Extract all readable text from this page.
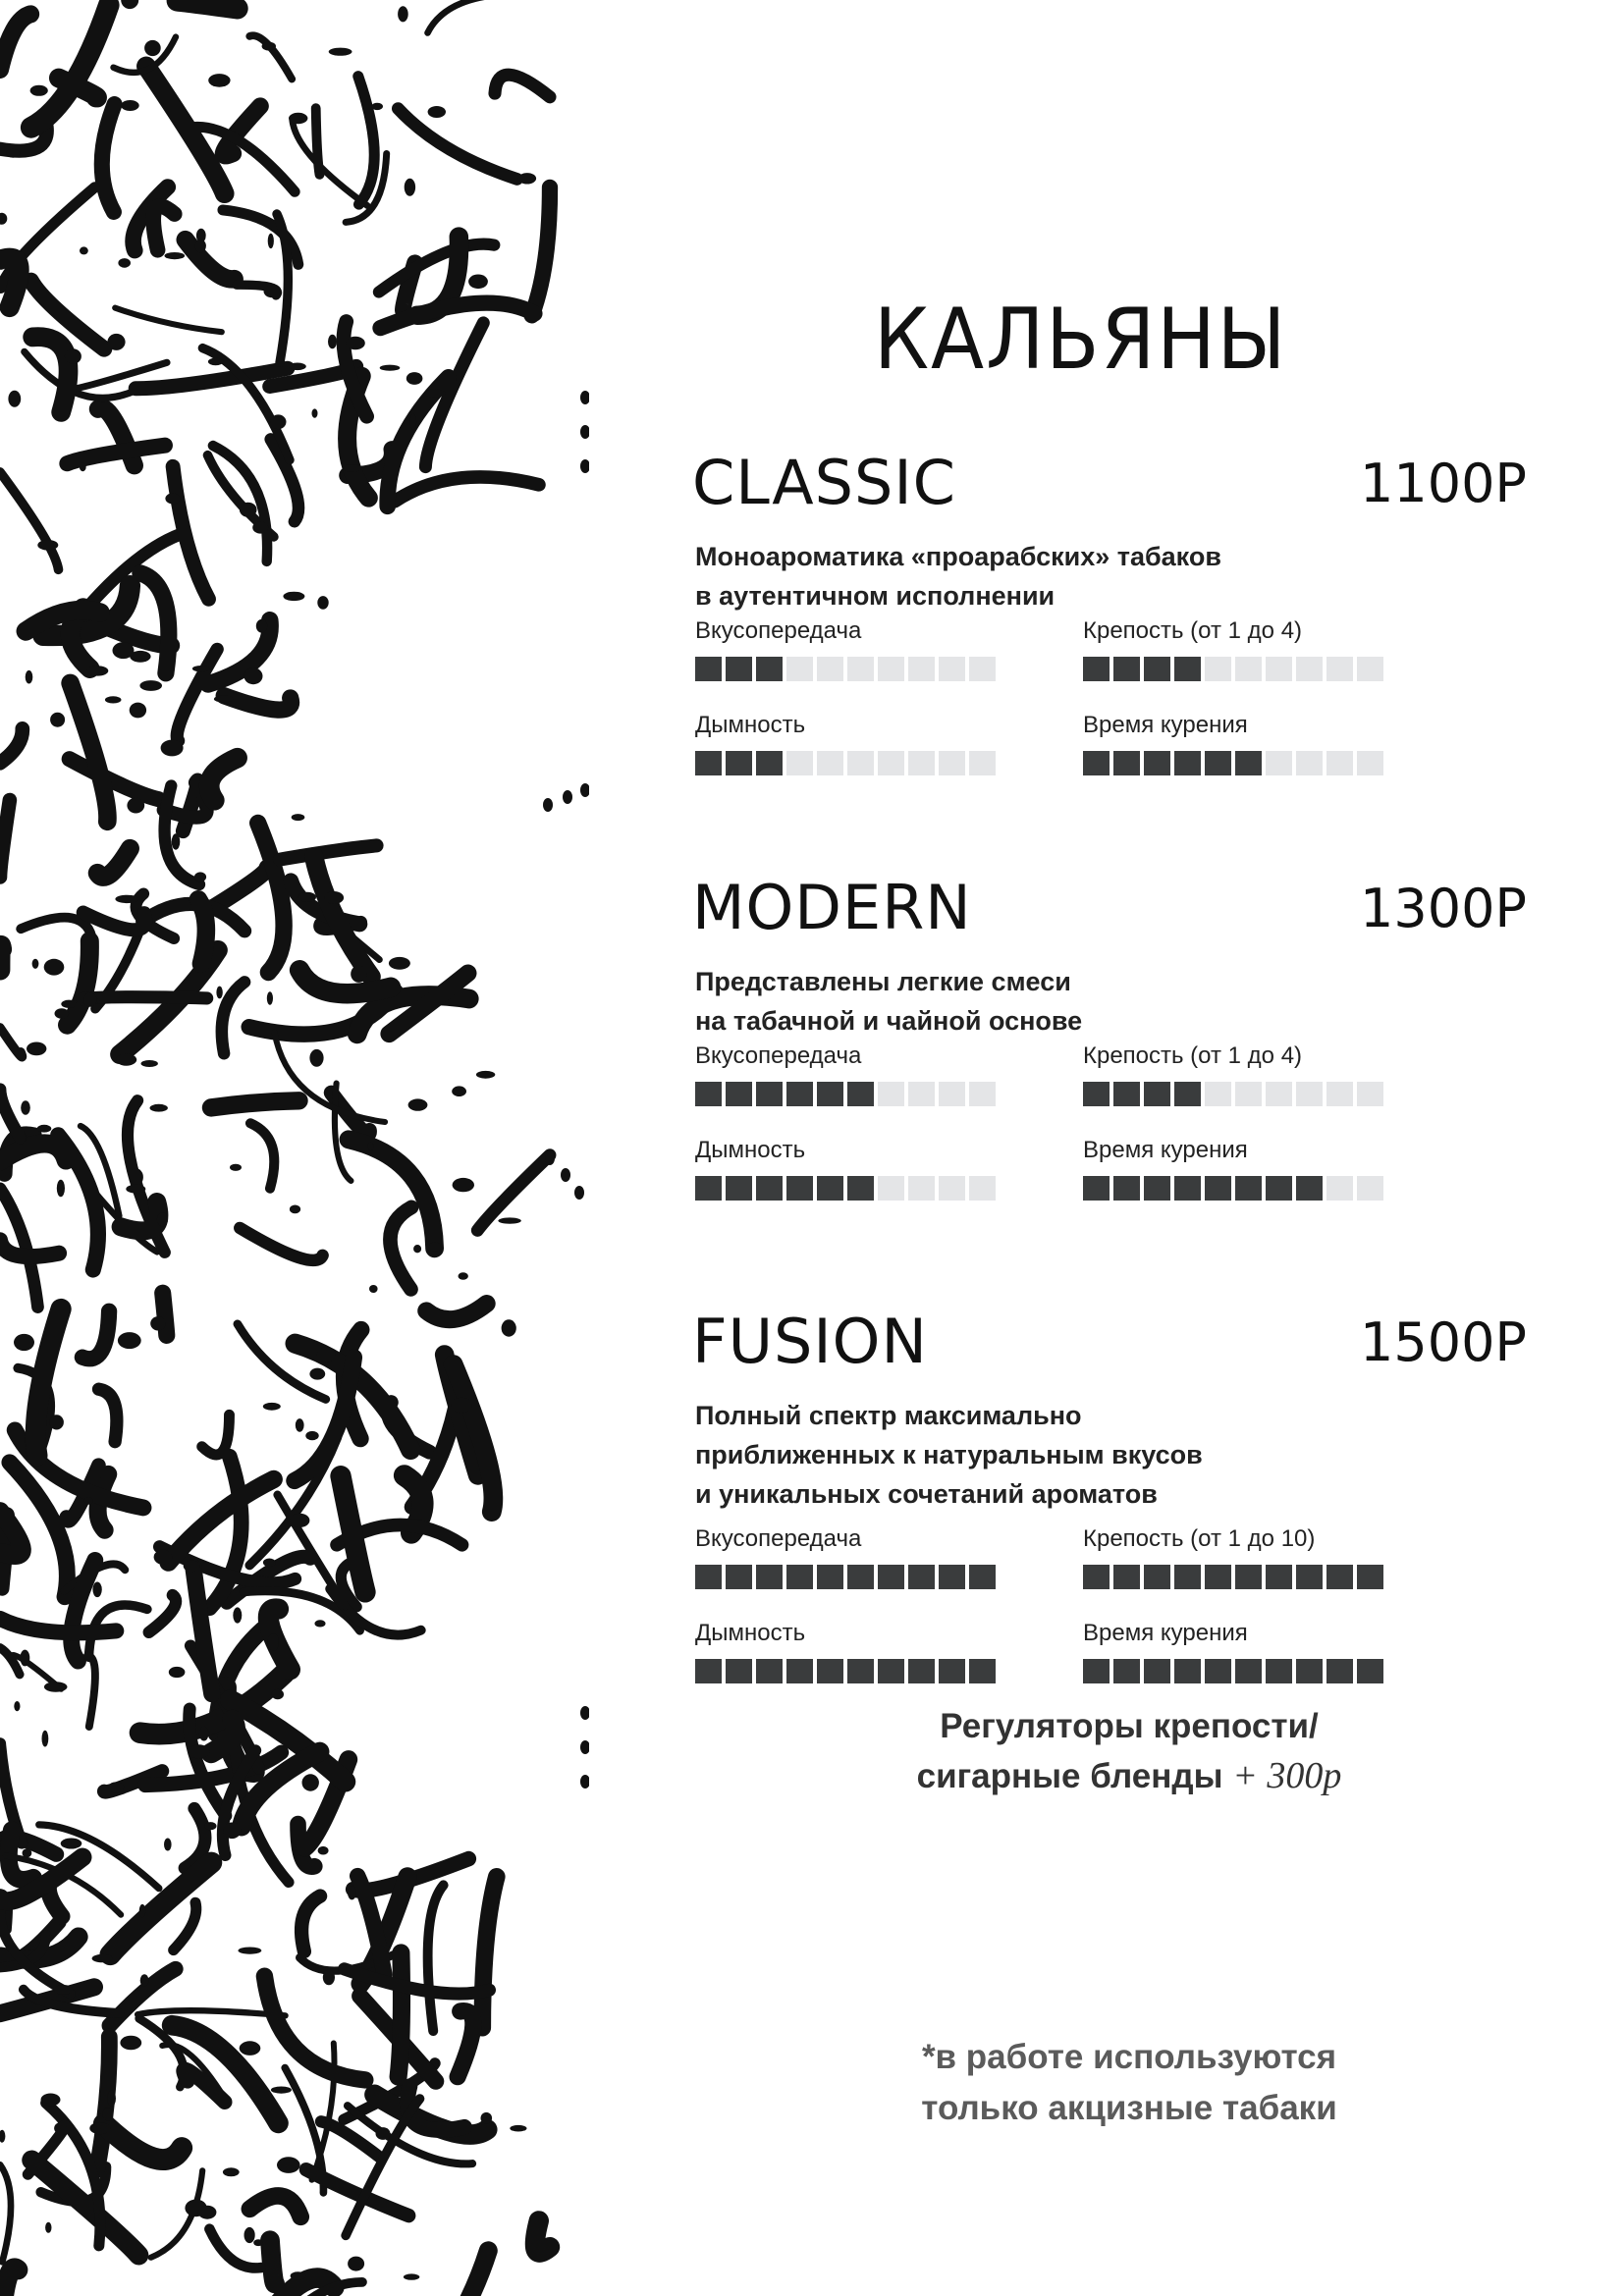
КАЛЬЯНЫ
CLASSIC	1100Р
Моноароматика «проарабских» табаков
в аутентичном исполнении
Вкусопередача	Крепость (от 1 до 4)
Дымность	Время курения
MODERN	1300Р
Представлены легкие смеси
на табачной и чайной основе
Вкусопередача	Крепость (от 1 до 4)
Дымность	Время курения
FUSION	1500Р
Полный спектр максимально
приближенных к натуральным вкусов
и уникальных сочетаний ароматов
Вкусопередача	Крепость (от 1 до 10)
Дымность	Время курения
Регуляторы крепости/
сигарные бленды + 300р
*в работе используются
только акцизные табаки
